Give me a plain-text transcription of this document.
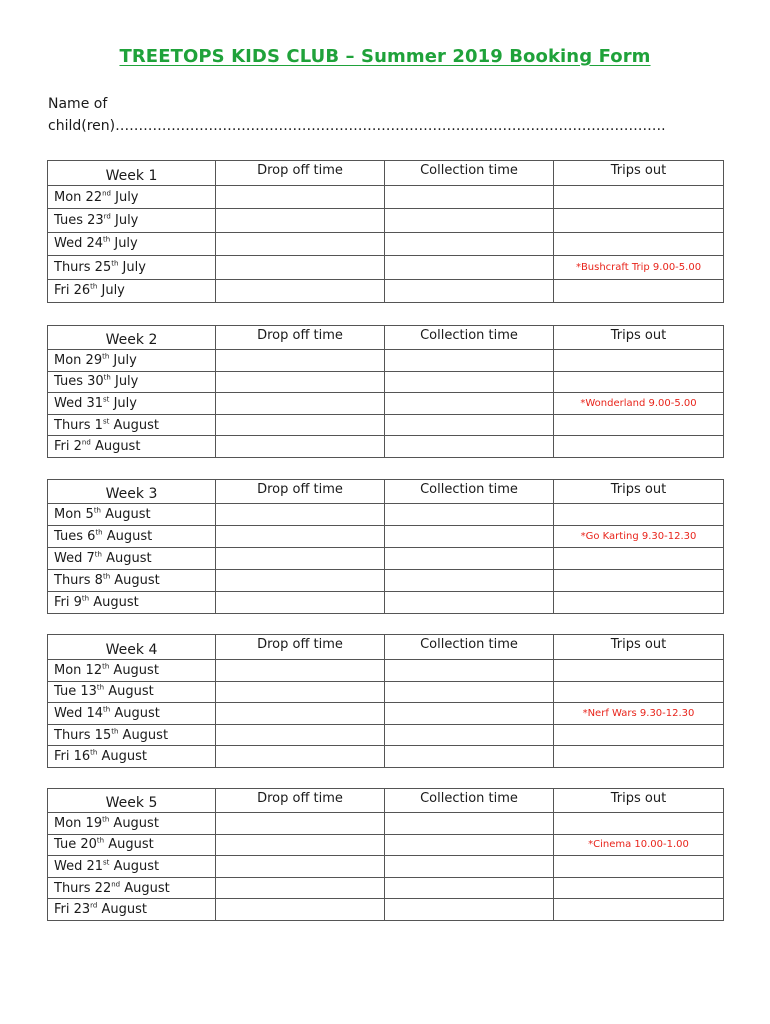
TREETOPS KIDS CLUB – Summer 2019 Booking Form
Name of
child(ren)……………………………………………………………………………………………………….
Week 1	Drop off time	Collection time	Trips out
Mon 22nd July			
Tues 23rd July			
Wed 24th July			
Thurs 25th July			*Bushcraft Trip 9.00-5.00
Fri 26th July			
Week 2	Drop off time	Collection time	Trips out
Mon 29th July			
Tues 30th July			
Wed 31st July			*Wonderland 9.00-5.00
Thurs 1st August			
Fri 2nd August			
Week 3	Drop off time	Collection time	Trips out
Mon 5th August			
Tues 6th August			*Go Karting 9.30-12.30
Wed 7th August			
Thurs 8th August			
Fri 9th August			
Week 4	Drop off time	Collection time	Trips out
Mon 12th August			
Tue 13th August			
Wed 14th August			*Nerf Wars 9.30-12.30
Thurs 15th August			
Fri 16th August			
Week 5	Drop off time	Collection time	Trips out
Mon 19th August			
Tue 20th August			*Cinema 10.00-1.00
Wed 21st August			
Thurs 22nd August			
Fri 23rd August			
